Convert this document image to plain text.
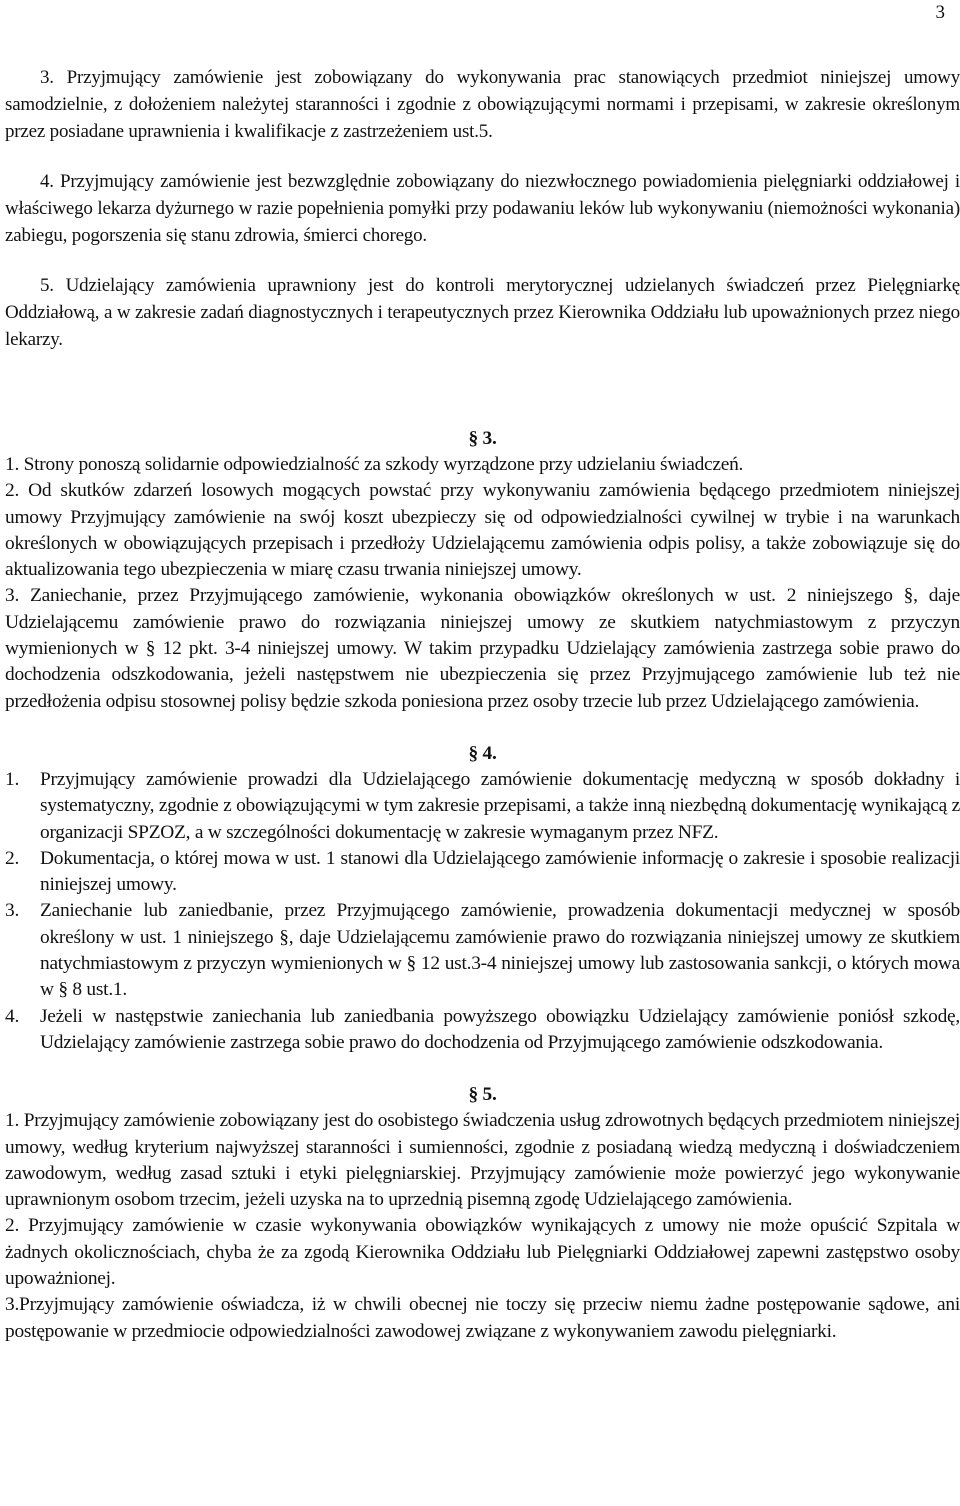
3

3. Przyjmujący zamówienie jest zobowiązany do wykonywania prac stanowiących przedmiot niniejszej umowy samodzielnie, z dołożeniem należytej staranności i zgodnie z obowiązującymi normami i przepisami, w zakresie określonym przez posiadane uprawnienia i kwalifikacje z zastrzeżeniem ust.5.

4. Przyjmujący zamówienie jest bezwzględnie zobowiązany do niezwłocznego powiadomienia pielęgniarki oddziałowej i właściwego lekarza dyżurnego w razie popełnienia pomyłki przy podawaniu leków lub wykonywaniu (niemożności wykonania) zabiegu, pogorszenia się stanu zdrowia, śmierci chorego.

5. Udzielający zamówienia uprawniony jest do kontroli merytorycznej udzielanych świadczeń przez Pielęgniarkę Oddziałową, a w zakresie zadań diagnostycznych i terapeutycznych przez Kierownika Oddziału lub upoważnionych przez niego lekarzy.

§ 3.

1. Strony ponoszą solidarnie odpowiedzialność za szkody wyrządzone przy udzielaniu świadczeń.

2. Od skutków zdarzeń losowych mogących powstać przy wykonywaniu zamówienia będącego przedmiotem niniejszej umowy Przyjmujący zamówienie na swój koszt ubezpieczy się od odpowiedzialności cywilnej w trybie i na warunkach określonych w obowiązujących przepisach i przedłoży Udzielającemu zamówienia odpis polisy, a także zobowiązuje się do aktualizowania tego ubezpieczenia w miarę czasu trwania niniejszej umowy.

3. Zaniechanie, przez Przyjmującego zamówienie, wykonania obowiązków określonych w ust. 2 niniejszego §, daje Udzielającemu zamówienie prawo do rozwiązania niniejszej umowy ze skutkiem natychmiastowym z przyczyn wymienionych w § 12 pkt. 3-4 niniejszej umowy. W takim przypadku Udzielający zamówienia zastrzega sobie prawo do dochodzenia odszkodowania, jeżeli następstwem nie ubezpieczenia się przez Przyjmującego zamówienie lub też nie przedłożenia odpisu stosownej polisy będzie szkoda poniesiona przez osoby trzecie lub przez Udzielającego zamówienia.

§ 4.
1.	Przyjmujący zamówienie prowadzi dla Udzielającego zamówienie dokumentację medyczną w sposób dokładny i systematyczny, zgodnie z obowiązującymi w tym zakresie przepisami, a także inną niezbędną dokumentację wynikającą z organizacji SPZOZ, a w szczególności dokumentację w zakresie wymaganym przez NFZ.
2.	Dokumentacja, o której mowa w ust. 1 stanowi dla Udzielającego zamówienie informację o zakresie i sposobie realizacji niniejszej umowy.
3.	Zaniechanie lub zaniedbanie, przez Przyjmującego zamówienie, prowadzenia dokumentacji medycznej w sposób określony w ust. 1 niniejszego §, daje Udzielającemu zamówienie prawo do rozwiązania niniejszej umowy ze skutkiem natychmiastowym z przyczyn wymienionych w § 12 ust.3-4 niniejszej umowy lub zastosowania sankcji, o których mowa w § 8 ust.1.
4.	Jeżeli w następstwie zaniechania lub zaniedbania powyższego obowiązku Udzielający zamówienie poniósł szkodę, Udzielający zamówienie zastrzega sobie prawo do dochodzenia od Przyjmującego zamówienie odszkodowania.
§ 5.

1. Przyjmujący zamówienie zobowiązany jest do osobistego świadczenia usług zdrowotnych będących przedmiotem niniejszej umowy, według kryterium najwyższej staranności i sumienności, zgodnie z posiadaną wiedzą medyczną i doświadczeniem zawodowym, według zasad sztuki i etyki pielęgniarskiej. Przyjmujący zamówienie może powierzyć jego wykonywanie uprawnionym osobom trzecim, jeżeli uzyska na to uprzednią pisemną zgodę Udzielającego zamówienia.

2. Przyjmujący zamówienie w czasie wykonywania obowiązków wynikających z umowy nie może opuścić Szpitala w żadnych okolicznościach, chyba że za zgodą Kierownika Oddziału lub Pielęgniarki Oddziałowej zapewni zastępstwo osoby upoważnionej.

3.Przyjmujący zamówienie oświadcza, iż w chwili obecnej nie toczy się przeciw niemu żadne postępowanie sądowe, ani postępowanie w przedmiocie odpowiedzialności zawodowej związane z wykonywaniem zawodu pielęgniarki.
